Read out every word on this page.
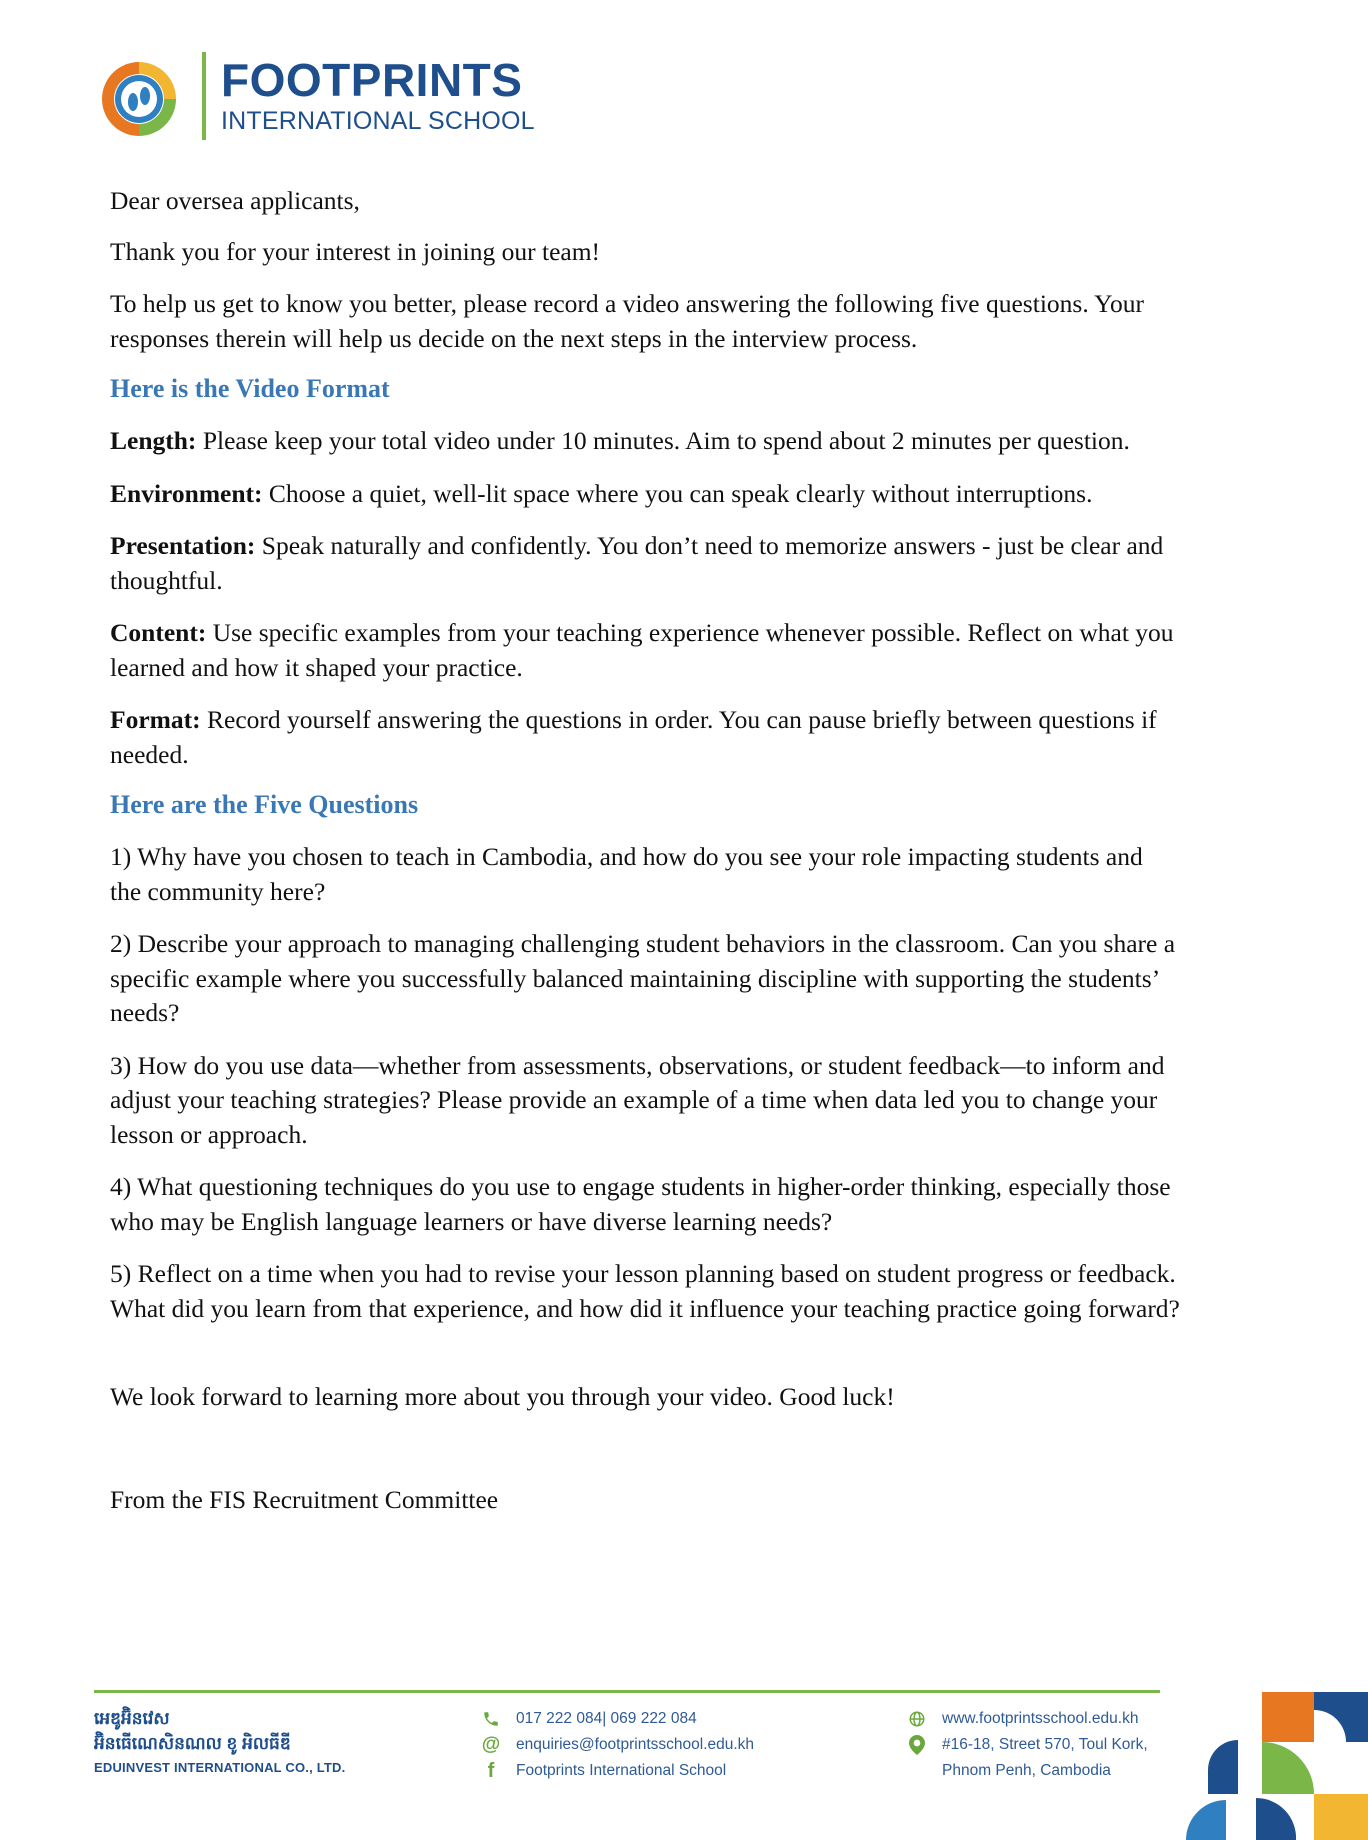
FOOTPRINTS
INTERNATIONAL SCHOOL

Dear oversea applicants,

Thank you for your interest in joining our team!

To help us get to know you better, please record a video answering the following five questions. Your responses therein will help us decide on the next steps in the interview process.

Here is the Video Format

Length: Please keep your total video under 10 minutes. Aim to spend about 2 minutes per question.

Environment: Choose a quiet, well-lit space where you can speak clearly without interruptions.

Presentation: Speak naturally and confidently. You don’t need to memorize answers - just be clear and thoughtful.

Content: Use specific examples from your teaching experience whenever possible. Reflect on what you learned and how it shaped your practice.

Format: Record yourself answering the questions in order. You can pause briefly between questions if needed.

Here are the Five Questions

1) Why have you chosen to teach in Cambodia, and how do you see your role impacting students and the community here?

2) Describe your approach to managing challenging student behaviors in the classroom. Can you share a specific example where you successfully balanced maintaining discipline with supporting the students’ needs?

3) How do you use data—whether from assessments, observations, or student feedback—to inform and adjust your teaching strategies? Please provide an example of a time when data led you to change your lesson or approach.

4) What questioning techniques do you use to engage students in higher-order thinking, especially those who may be English language learners or have diverse learning needs?

5) Reflect on a time when you had to revise your lesson planning based on student progress or feedback. What did you learn from that experience, and how did it influence your teaching practice going forward?

We look forward to learning more about you through your video. Good luck!

From the FIS Recruitment Committee

អេឌូអ៊ិនវេស
អ៊ិនធើណេសិនណល ខូ អិលធីឌី
EDUINVEST INTERNATIONAL CO., LTD.
017 222 084| 069 222 084
@ enquiries@footprintsschool.edu.kh
f	Footprints International School
www.footprintsschool.edu.kh
#16-18, Street 570, Toul Kork,
Phnom Penh, Cambodia
